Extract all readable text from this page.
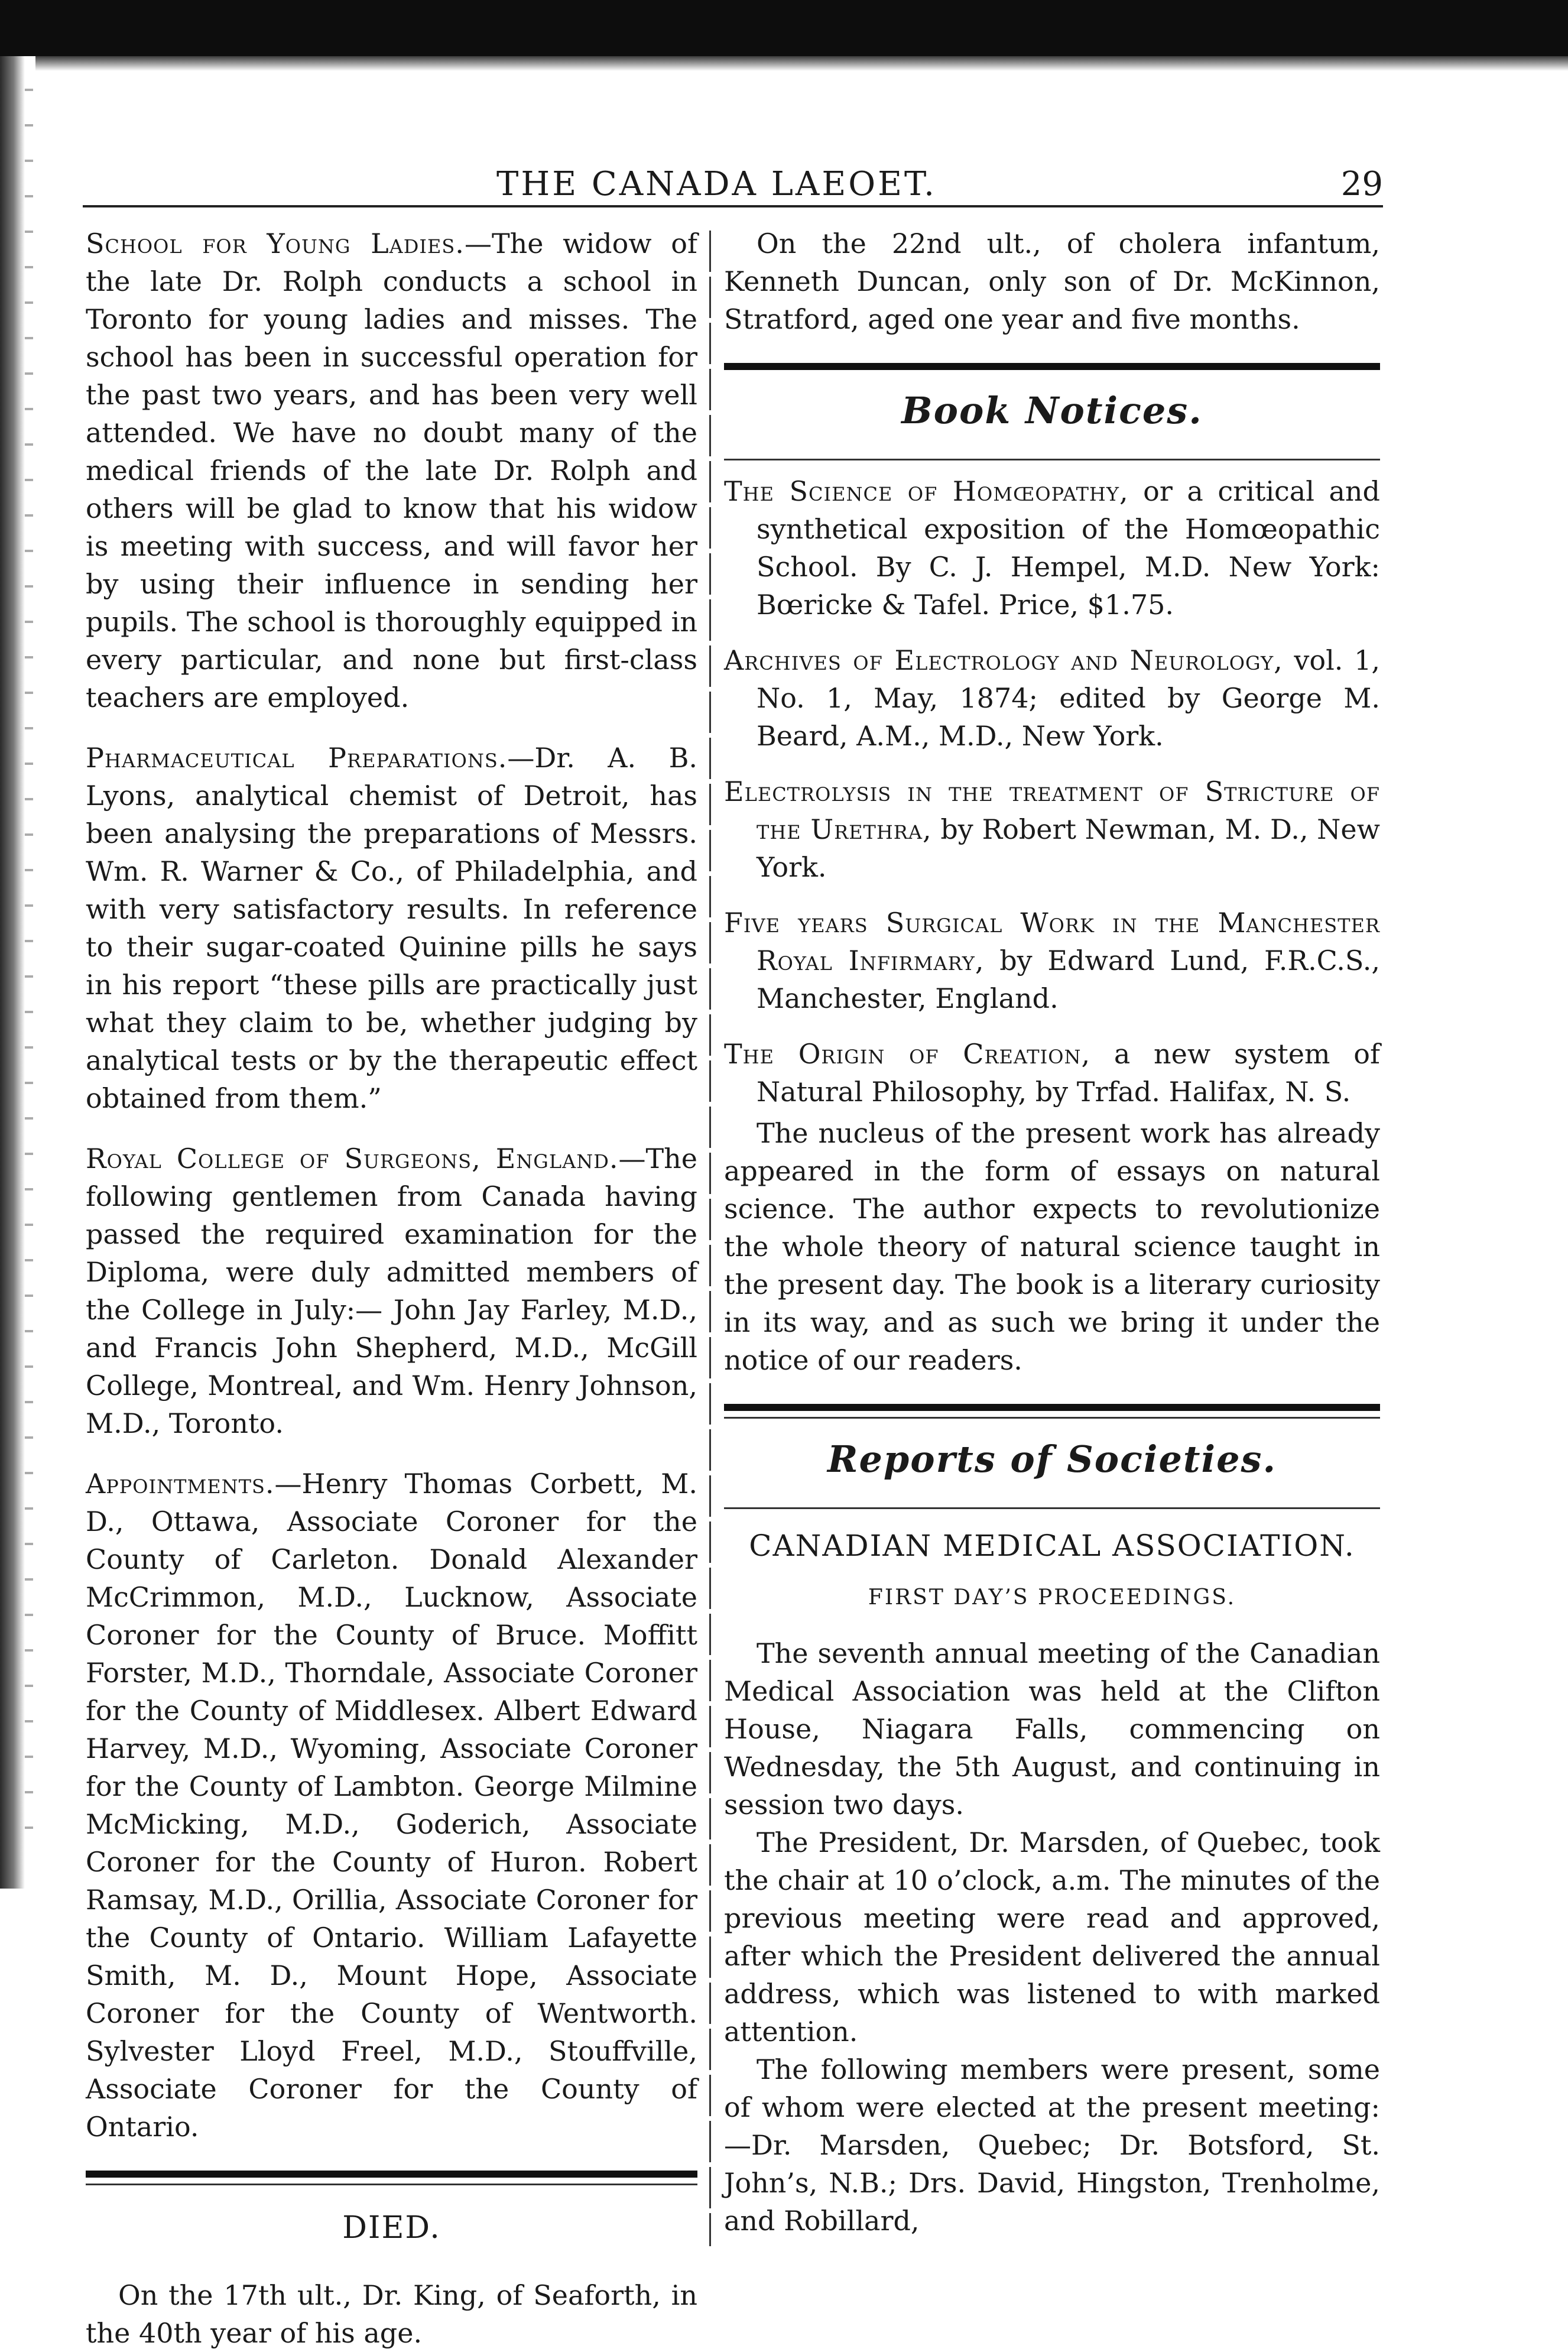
THE CANADA LAEOET.	29

School for Young Ladies.—The widow of the late Dr. Rolph conducts a school in Toronto for young ladies and misses. The school has been in successful operation for the past two years, and has been very well attended. We have no doubt many of the medical friends of the late Dr. Rolph and others will be glad to know that his widow is meeting with success, and will favor her by using their influence in sending her pupils. The school is thoroughly equipped in every particular, and none but first-class teachers are employed.

Pharmaceutical Preparations.—Dr. A. B. Lyons, analytical chemist of Detroit, has been analysing the preparations of Messrs. Wm. R. Warner & Co., of Philadelphia, and with very satisfactory results. In reference to their sugar-coated Quinine pills he says in his report “these pills are practically just what they claim to be, whether judging by analytical tests or by the therapeutic effect obtained from them.”

Royal College of Surgeons, England.—The following gentlemen from Canada having passed the required examination for the Diploma, were duly admitted members of the College in July:— John Jay Farley, M.D., and Francis John Shepherd, M.D., McGill College, Montreal, and Wm. Henry Johnson, M.D., Toronto.

Appointments.—Henry Thomas Corbett, M. D., Ottawa, Associate Coroner for the County of Carleton. Donald Alexander McCrimmon, M.D., Lucknow, Associate Coroner for the County of Bruce. Moffitt Forster, M.D., Thorndale, Associate Coroner for the County of Middlesex. Albert Edward Harvey, M.D., Wyoming, Associate Coroner for the County of Lambton. George Milmine McMicking, M.D., Goderich, Associate Coroner for the County of Huron. Robert Ramsay, M.D., Orillia, Associate Coroner for the County of Ontario. William Lafayette Smith, M. D., Mount Hope, Associate Coroner for the County of Wentworth. Sylvester Lloyd Freel, M.D., Stouffville, Associate Coroner for the County of Ontario.

DIED.

On the 17th ult., Dr. King, of Seaforth, in the 40th year of his age.

On the 22nd ult., of cholera infantum, Kenneth Duncan, only son of Dr. McKinnon, Stratford, aged one year and five months.

Book Notices.

The Science of Homœopathy, or a critical and synthetical exposition of the Homœopathic School. By C. J. Hempel, M.D. New York: Bœricke & Tafel. Price, $1.75.

Archives of Electrology and Neurology, vol. 1, No. 1, May, 1874; edited by George M. Beard, A.M., M.D., New York.

Electrolysis in the treatment of Stricture of the Urethra, by Robert Newman, M. D., New York.

Five years Surgical Work in the Manchester Royal Infirmary, by Edward Lund, F.R.C.S., Manchester, England.

The Origin of Creation, a new system of Natural Philosophy, by Trfad. Halifax, N. S.

The nucleus of the present work has already appeared in the form of essays on natural science. The author expects to revolutionize the whole theory of natural science taught in the present day. The book is a literary curiosity in its way, and as such we bring it under the notice of our readers.

Reports of Societies.
CANADIAN MEDICAL ASSOCIATION.
FIRST DAY’S PROCEEDINGS.

The seventh annual meeting of the Canadian Medical Association was held at the Clifton House, Niagara Falls, commencing on Wednesday, the 5th August, and continuing in session two days.

The President, Dr. Marsden, of Quebec, took the chair at 10 o’clock, a.m. The minutes of the previous meeting were read and approved, after which the President delivered the annual address, which was listened to with marked attention.

The following members were present, some of whom were elected at the present meeting:—Dr. Marsden, Quebec; Dr. Botsford, St. John’s, N.B.; Drs. David, Hingston, Trenholme, and Robillard,
